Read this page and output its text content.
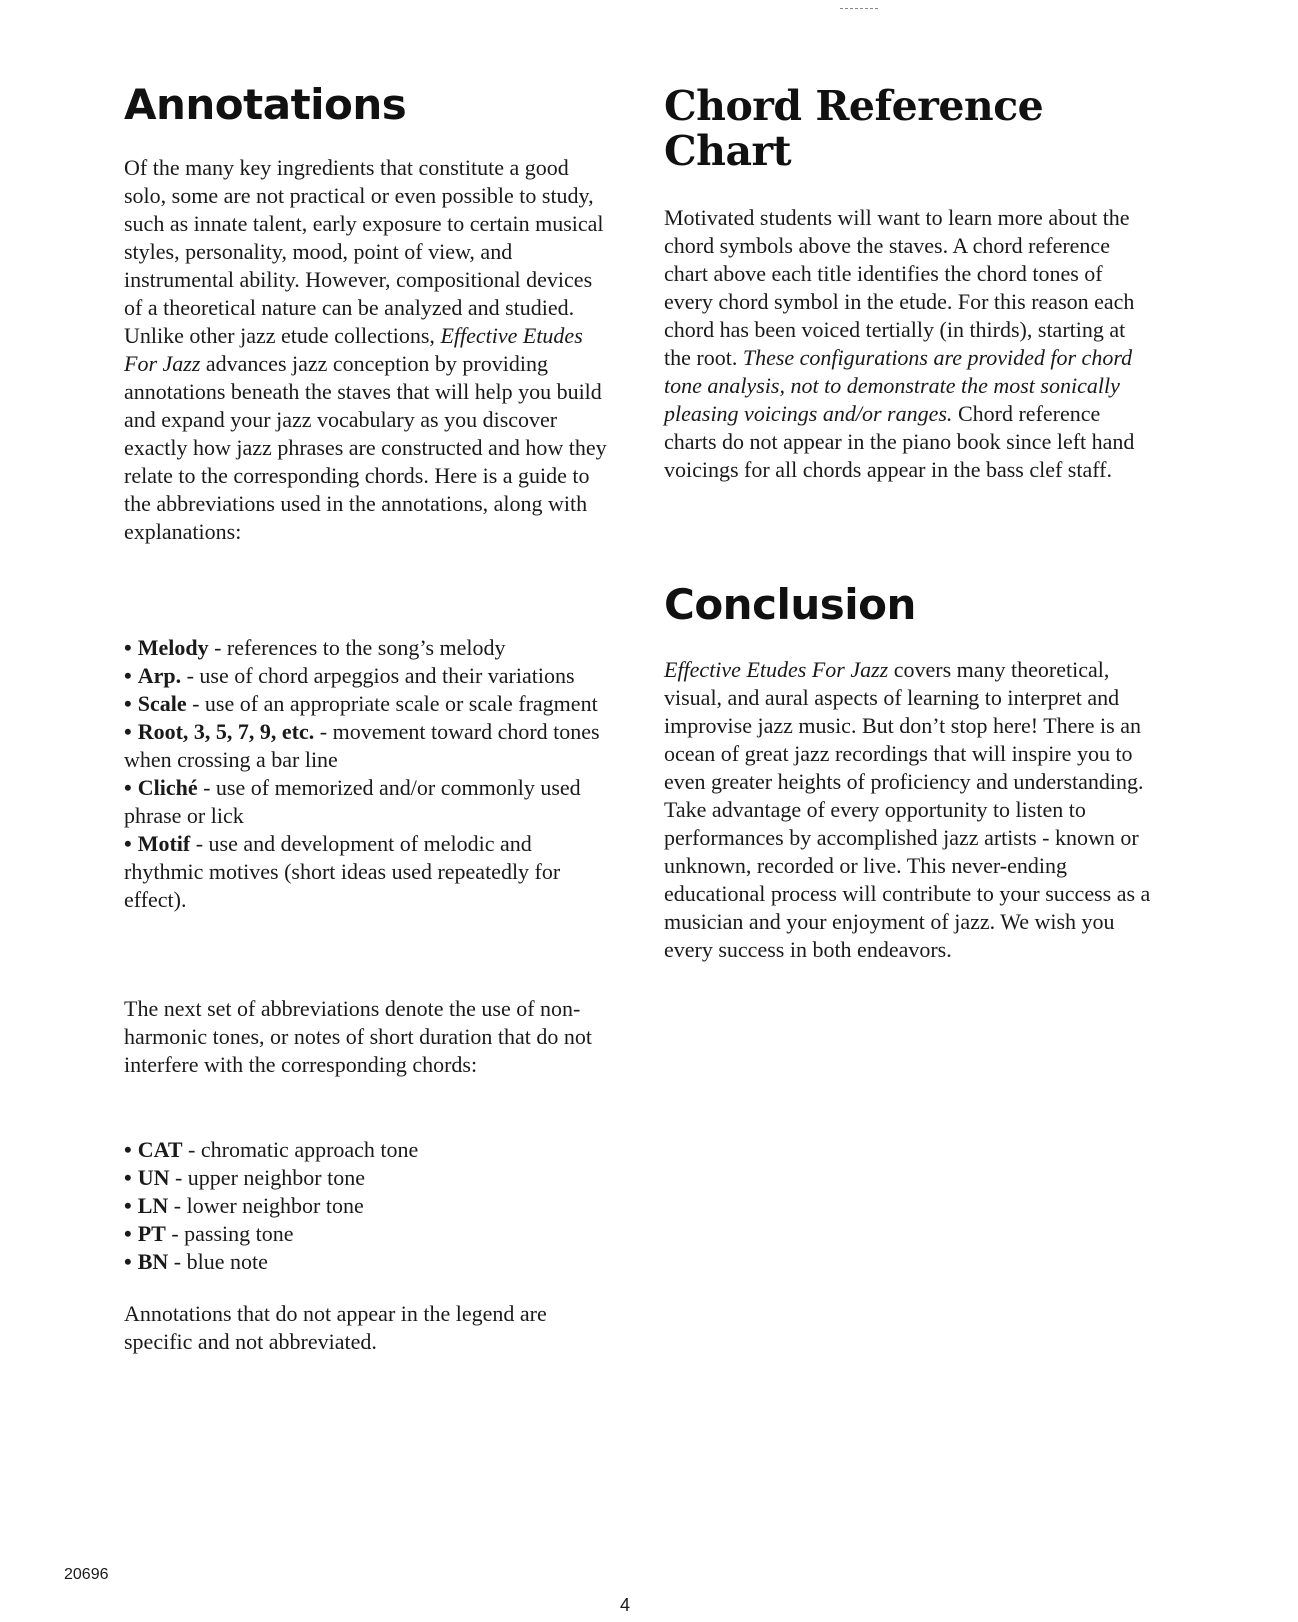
Annotations

Of the many key ingredients that constitute a good solo, some are not practical or even possible to study, such as innate talent, early exposure to certain musical styles, personality, mood, point of view, and instrumental ability. However, compositional devices of a theoretical nature can be analyzed and studied. Unlike other jazz etude collections, Effective Etudes For Jazz advances jazz conception by providing annotations beneath the staves that will help you build and expand your jazz vocabulary as you discover exactly how jazz phrases are constructed and how they relate to the corresponding chords. Here is a guide to the abbreviations used in the annotations, along with explanations:

• Melody - references to the song’s melody
• Arp. - use of chord arpeggios and their variations
• Scale - use of an appropriate scale or scale fragment
• Root, 3, 5, 7, 9, etc. - movement toward chord tones when crossing a bar line
• Cliché - use of memorized and/or commonly used phrase or lick
• Motif - use and development of melodic and rhythmic motives (short ideas used repeatedly for effect).
The next set of abbreviations denote the use of non-harmonic tones, or notes of short duration that do not interfere with the corresponding chords:
• CAT - chromatic approach tone
• UN - upper neighbor tone
• LN - lower neighbor tone
• PT - passing tone
• BN - blue note
Annotations that do not appear in the legend are specific and not abbreviated.
Chord Reference
Chart

Motivated students will want to learn more about the chord symbols above the staves. A chord reference chart above each title identifies the chord tones of every chord symbol in the etude. For this reason each chord has been voiced tertially (in thirds), starting at the root. These configurations are provided for chord tone analysis, not to demonstrate the most sonically pleasing voicings and/or ranges. Chord reference charts do not appear in the piano book since left hand voicings for all chords appear in the bass clef staff.

Conclusion

Effective Etudes For Jazz covers many theoretical, visual, and aural aspects of learning to interpret and improvise jazz music. But don’t stop here! There is an ocean of great jazz recordings that will inspire you to even greater heights of proficiency and understanding. Take advantage of every opportunity to listen to performances by accomplished jazz artists - known or unknown, recorded or live. This never-ending educational process will contribute to your success as a musician and your enjoyment of jazz. We wish you every success in both endeavors.

20696
4
